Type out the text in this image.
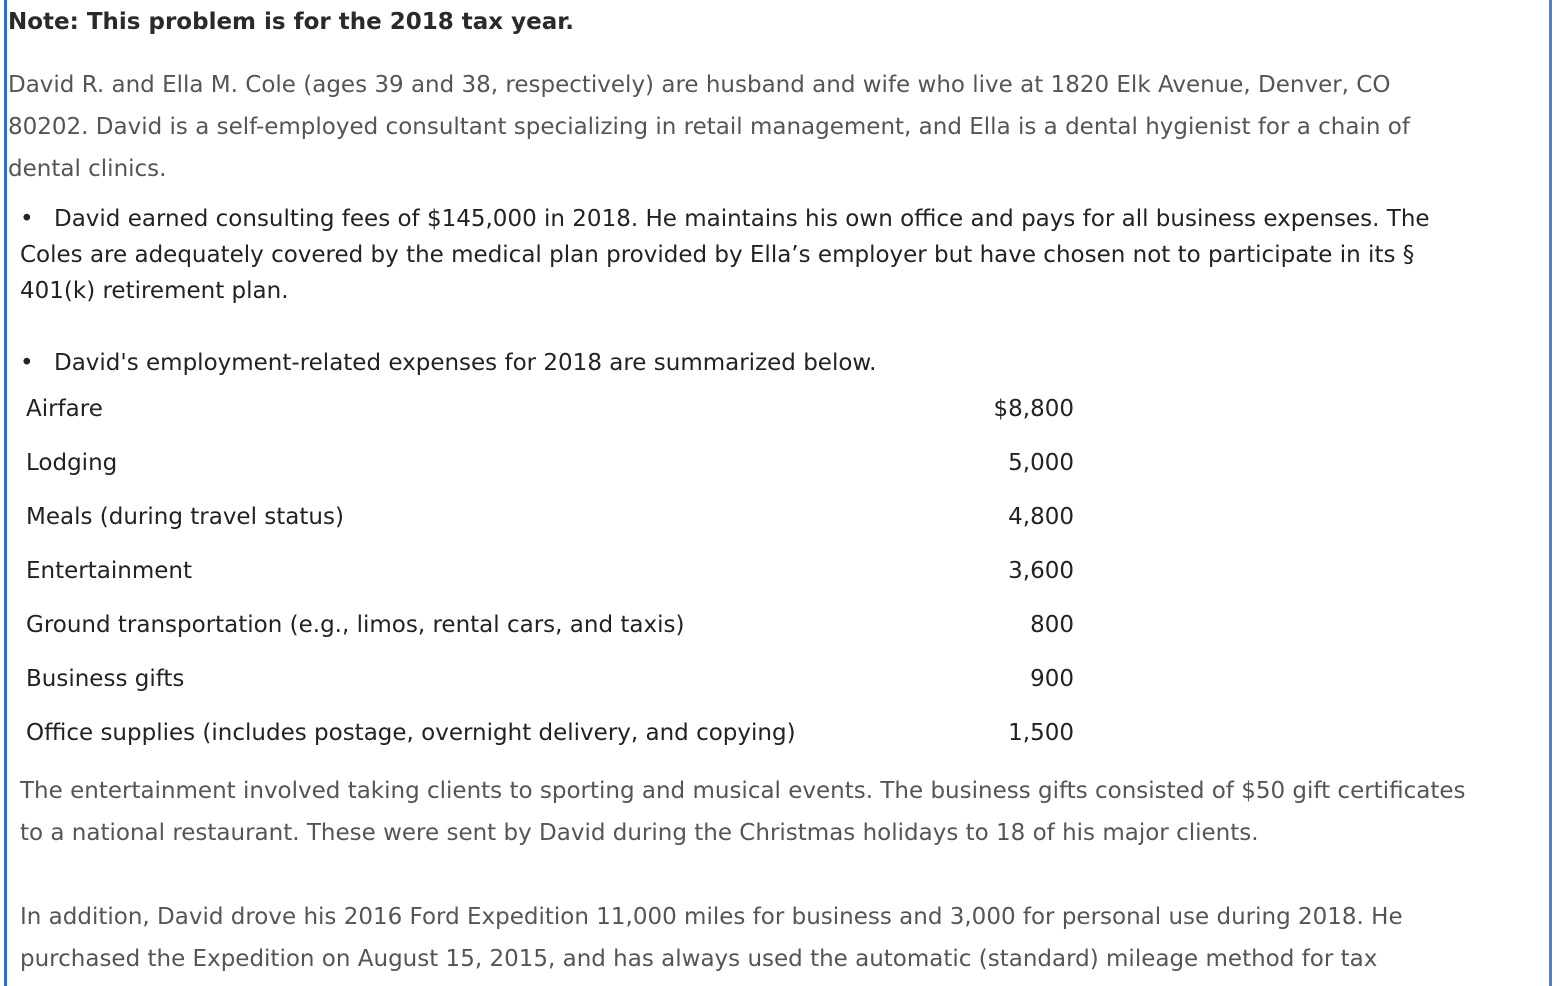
Note: This problem is for the 2018 tax year.
David R. and Ella M. Cole (ages 39 and 38, respectively) are husband and wife who live at 1820 Elk Avenue, Denver, CO
80202. David is a self-employed consultant specializing in retail management, and Ella is a dental hygienist for a chain of
dental clinics.
• David earned consulting fees of $145,000 in 2018. He maintains his own office and pays for all business expenses. The
Coles are adequately covered by the medical plan provided by Ella’s employer but have chosen not to participate in its §
401(k) retirement plan.
• David's employment-related expenses for 2018 are summarized below.
Airfare	$8,800
Lodging	5,000
Meals (during travel status)	4,800
Entertainment	3,600
Ground transportation (e.g., limos, rental cars, and taxis)	800
Business gifts	900
Office supplies (includes postage, overnight delivery, and copying)	1,500
The entertainment involved taking clients to sporting and musical events. The business gifts consisted of $50 gift certificates
to a national restaurant. These were sent by David during the Christmas holidays to 18 of his major clients.
In addition, David drove his 2016 Ford Expedition 11,000 miles for business and 3,000 for personal use during 2018. He
purchased the Expedition on August 15, 2015, and has always used the automatic (standard) mileage method for tax
